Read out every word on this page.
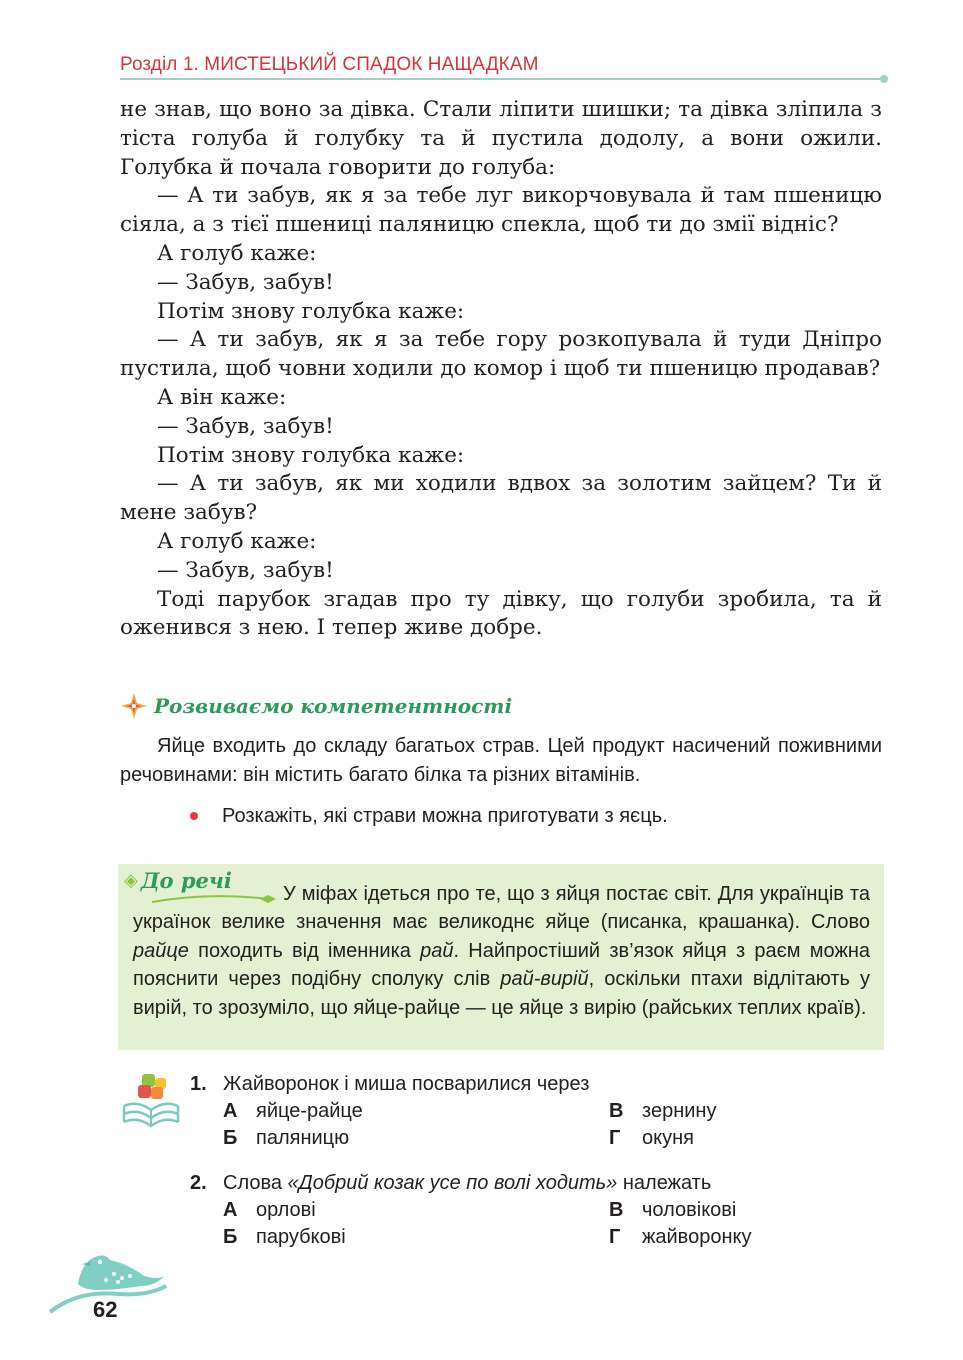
Розділ 1. МИСТЕЦЬКИЙ СПАДОК НАЩАДКАМ

не знав, що воно за дівка. Стали ліпити шишки; та дівка зліпила з тіста голуба й голубку та й пустила додолу, а вони ожили. Голубка й почала говорити до голуба:

— А ти забув, як я за тебе луг викорчовувала й там пшеницю сіяла, а з тієї пшениці паляницю спекла, щоб ти до змії відніс?

А голуб каже:

— Забув, забув!

Потім знову голубка каже:

— А ти забув, як я за тебе гору розкопувала й туди Дніпро пустила, щоб човни ходили до комор і щоб ти пшеницю продавав?

А він каже:

— Забув, забув!

Потім знову голубка каже:

— А ти забув, як ми ходили вдвох за золотим зайцем? Ти й мене забув?

А голуб каже:

— Забув, забув!

Тоді парубок згадав про ту дівку, що голуби зробила, та й оженився з нею. І тепер живе добре.

Розвиваємо компетентності

Яйце входить до складу багатьох страв. Цей продукт насичений поживними речовинами: він містить багато білка та різних вітамінів.

Розкажіть, які страви можна приготувати з яєць.
◈ До речі

У міфах ідеться про те, що з яйця постає світ. Для українців та українок велике значення має великоднє яйце (писанка, крашанка). Слово райце походить від іменника рай. Найпростіший зв’язок яйця з раєм можна пояснити через подібну сполуку слів рай-вирій, оскільки птахи відлітають у вирій, то зрозуміло, що яйце-райце — це яйце з вирію (райських теплих країв).

1. Жайворонок і миша посварилися через
А яйце-райце
Б паляницю
В зернину
Г	окуня
2. Слова «Добрий козак усе по волі ходить» належать
А орлові
Б парубкові
В чоловікові
Г	жайворонку
62
